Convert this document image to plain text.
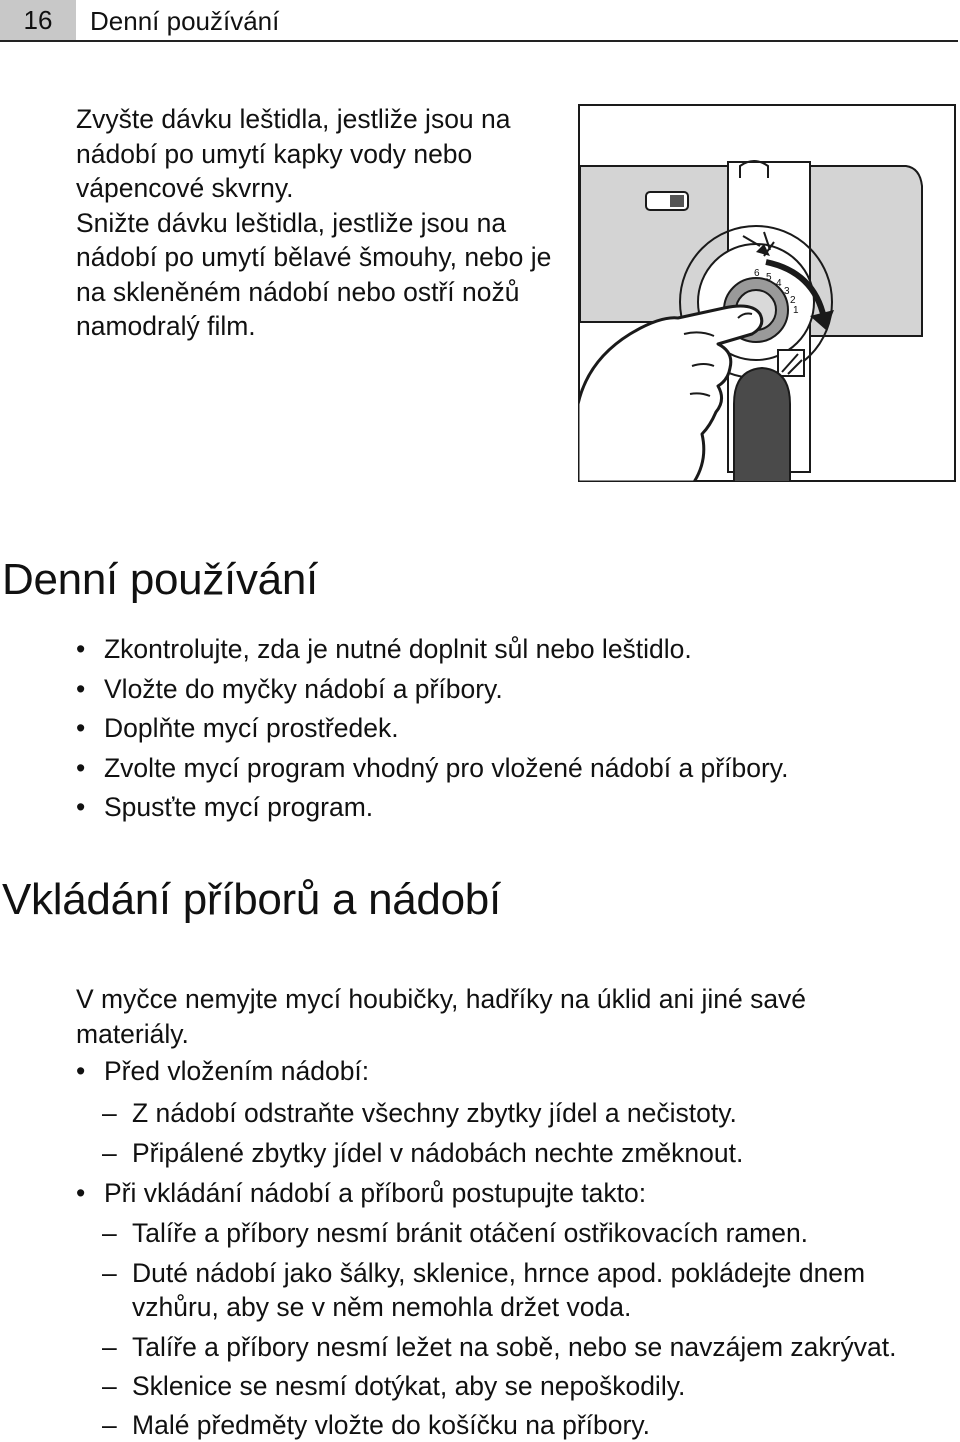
16	Denní používání

Zvyšte dávku leštidla, jestliže jsou na nádobí po umytí kapky vody nebo vápencové skvrny.

Snižte dávku leštidla, jestliže jsou na nádobí po umytí bělavé šmouhy, nebo je na skleněném nádobí nebo ostří nožů namodralý film.

6 5
4
3
2
1
Denní používání
• Zkontrolujte, zda je nutné doplnit sůl nebo leštidlo.
• Vložte do myčky nádobí a příbory.
• Doplňte mycí prostředek.
• Zvolte mycí program vhodný pro vložené nádobí a příbory.
• Spusťte mycí program.
Vkládání příborů a nádobí

V myčce nemyjte mycí houbičky, hadříky na úklid ani jiné savé materiály.

• Před vložením nádobí:
– Z nádobí odstraňte všechny zbytky jídel a nečistoty.
– Připálené zbytky jídel v nádobách nechte změknout.
• Při vkládání nádobí a příborů postupujte takto:
– Talíře a příbory nesmí bránit otáčení ostřikovacích ramen.
– Duté nádobí jako šálky, sklenice, hrnce apod. pokládejte dnem vzhůru, aby se v něm nemohla držet voda.
– Talíře a příbory nesmí ležet na sobě, nebo se navzájem zakrývat.
– Sklenice se nesmí dotýkat, aby se nepoškodily.
– Malé předměty vložte do košíčku na příbory.
